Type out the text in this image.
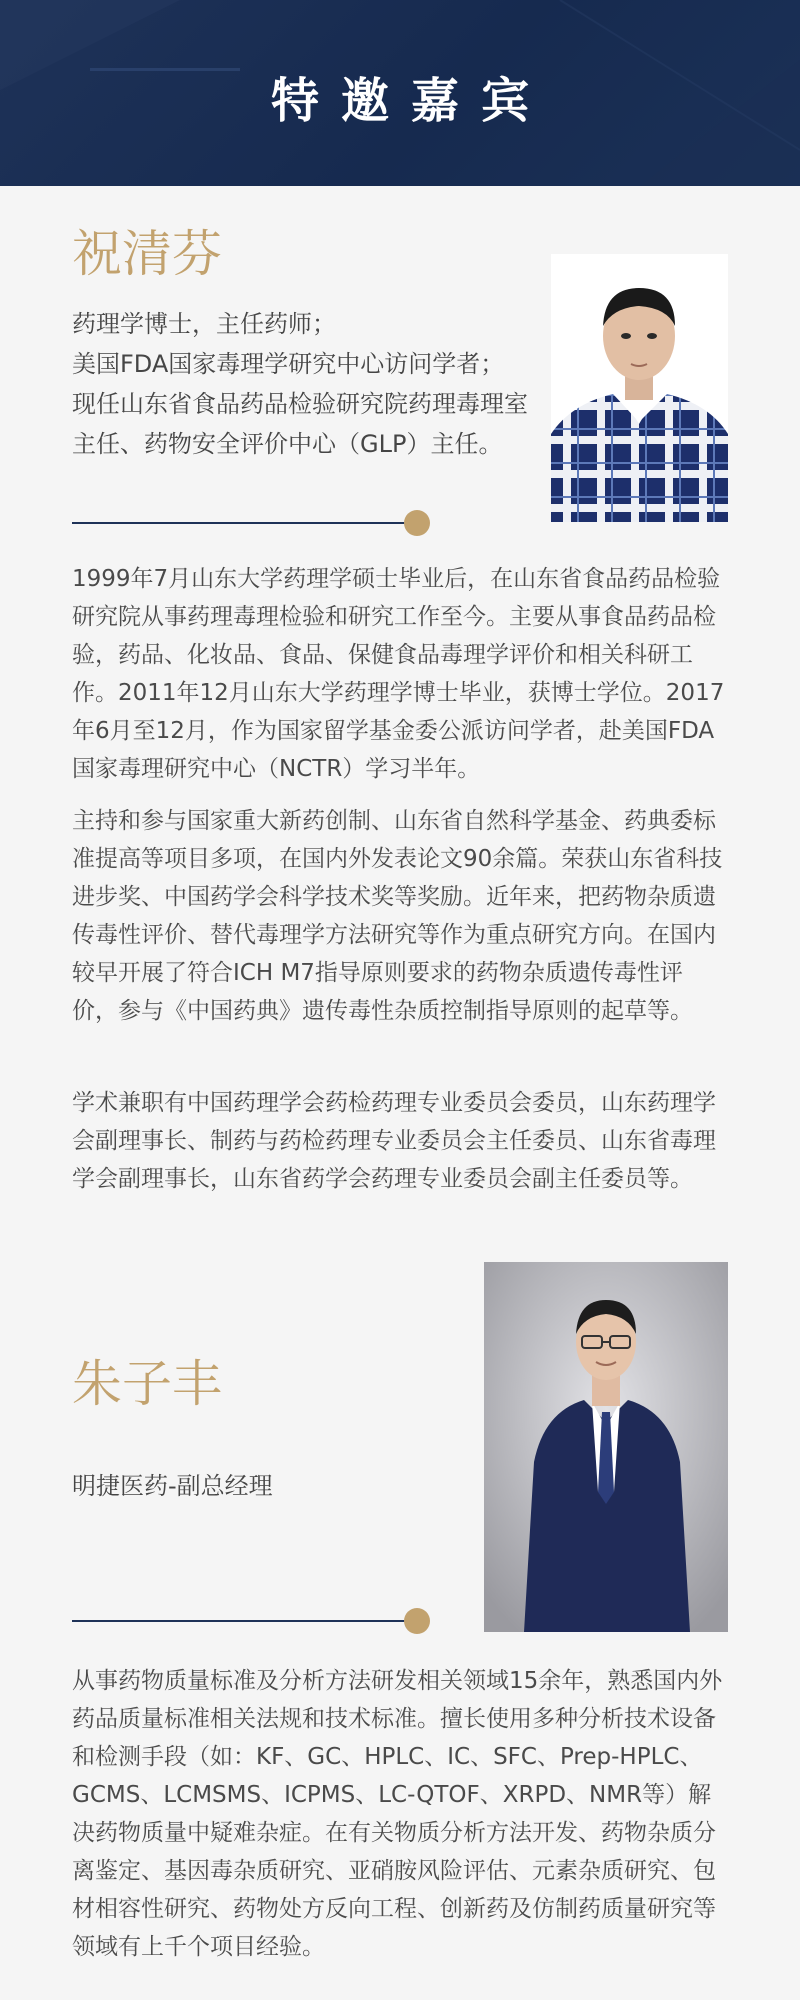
特邀嘉宾
祝清芬
药理学博士，主任药师；
美国FDA国家毒理学研究中心访问学者；
现任山东省食品药品检验研究院药理毒理室主任、药物安全评价中心（GLP）主任。

1999年7月山东大学药理学硕士毕业后，在山东省食品药品检验研究院从事药理毒理检验和研究工作至今。主要从事食品药品检验，药品、化妆品、食品、保健食品毒理学评价和相关科研工作。2011年12月山东大学药理学博士毕业，获博士学位。2017年6月至12月，作为国家留学基金委公派访问学者，赴美国FDA国家毒理研究中心（NCTR）学习半年。

主持和参与国家重大新药创制、山东省自然科学基金、药典委标准提高等项目多项，在国内外发表论文90余篇。荣获山东省科技进步奖、中国药学会科学技术奖等奖励。近年来，把药物杂质遗传毒性评价、替代毒理学方法研究等作为重点研究方向。在国内较早开展了符合ICH M7指导原则要求的药物杂质遗传毒性评价，参与《中国药典》遗传毒性杂质控制指导原则的起草等。

学术兼职有中国药理学会药检药理专业委员会委员，山东药理学会副理事长、制药与药检药理专业委员会主任委员、山东省毒理学会副理事长，山东省药学会药理专业委员会副主任委员等。

朱子丰
明捷医药-副总经理

从事药物质量标准及分析方法研发相关领域15余年，熟悉国内外药品质量标准相关法规和技术标准。擅长使用多种分析技术设备和检测手段（如：KF、GC、HPLC、IC、SFC、Prep-HPLC、GCMS、LCMSMS、ICPMS、LC-QTOF、XRPD、NMR等）解决药物质量中疑难杂症。在有关物质分析方法开发、药物杂质分离鉴定、基因毒杂质研究、亚硝胺风险评估、元素杂质研究、包材相容性研究、药物处方反向工程、创新药及仿制药质量研究等领域有上千个项目经验。
